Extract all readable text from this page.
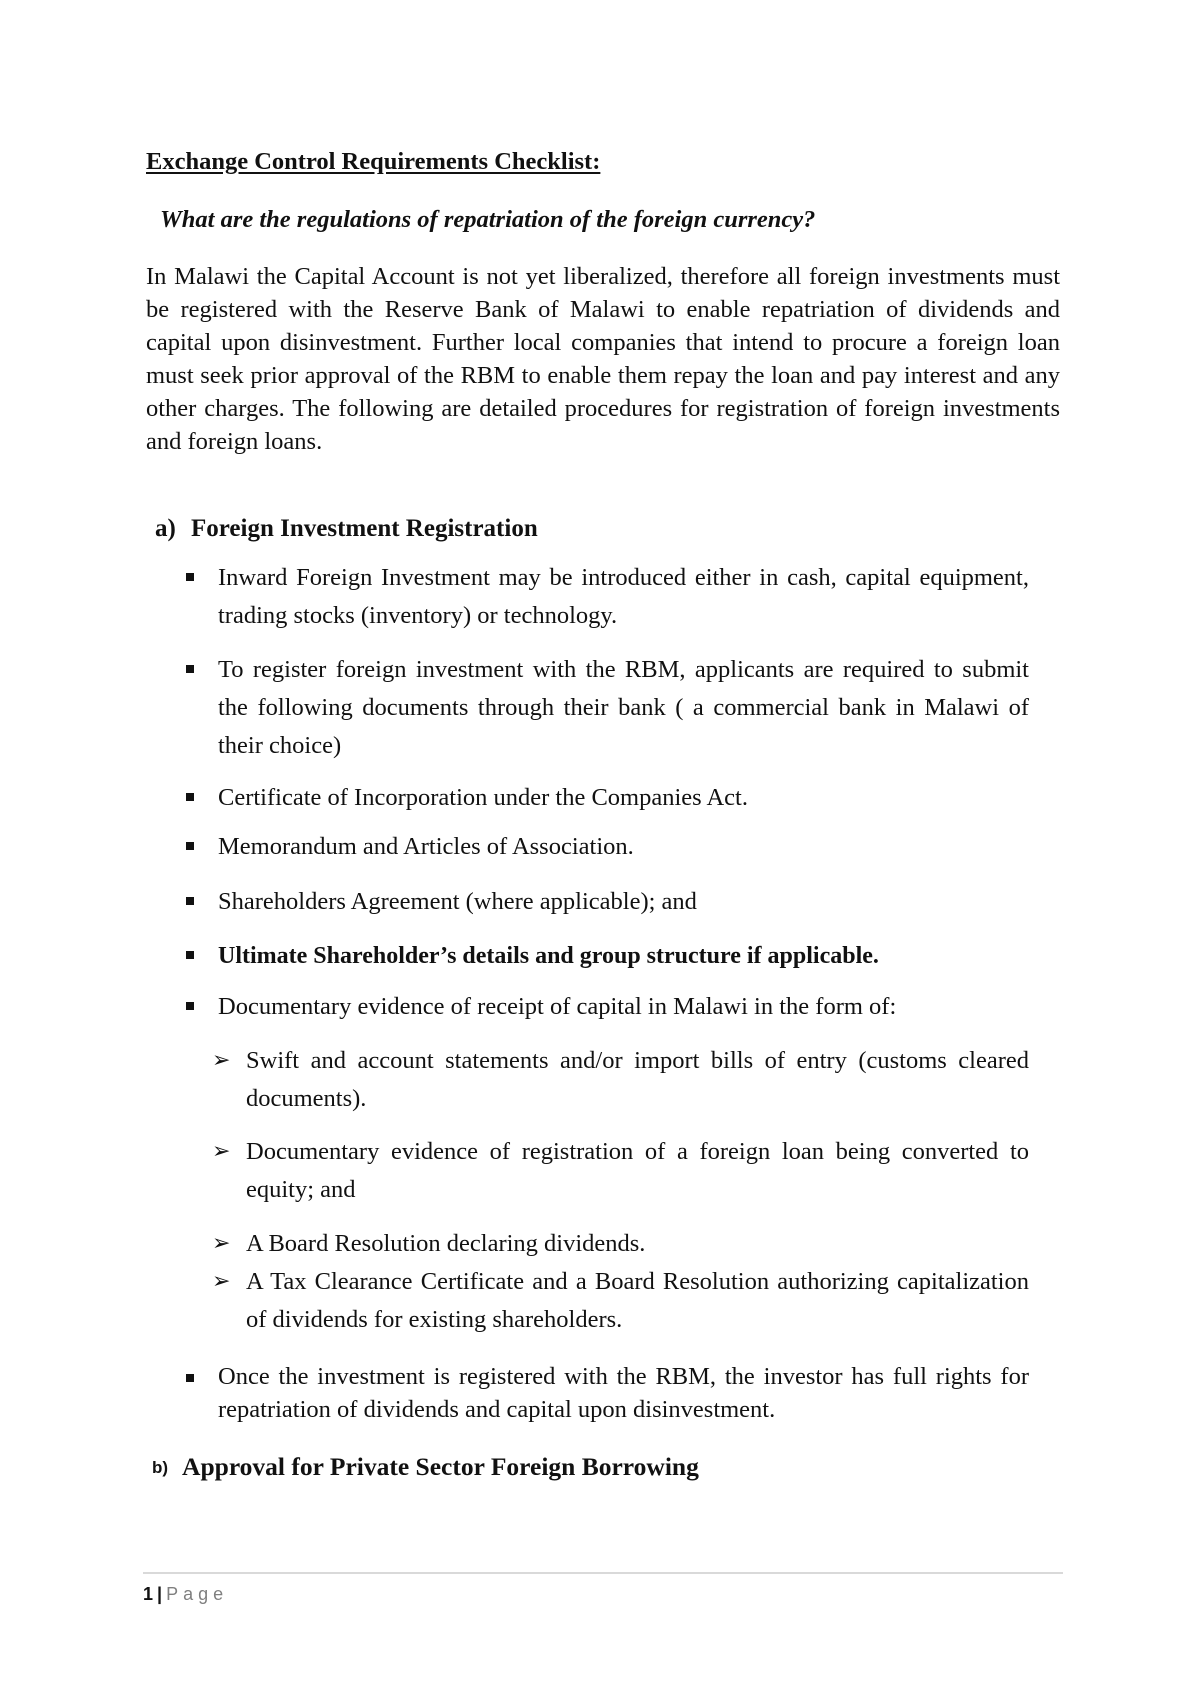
Exchange Control Requirements Checklist:
What are the regulations of repatriation of the foreign currency?
In Malawi the Capital Account is not yet liberalized, therefore all foreign investments must be registered with the Reserve Bank of Malawi to enable repatriation of dividends and capital upon disinvestment. Further local companies that intend to procure a foreign loan must seek prior approval of the RBM to enable them repay the loan and pay interest and any other charges. The following are detailed procedures for registration of foreign investments and foreign loans.
a) Foreign Investment Registration
Inward Foreign Investment may be introduced either in cash, capital equipment, trading stocks (inventory) or technology.
To register foreign investment with the RBM, applicants are required to submit the following documents through their bank ( a commercial bank in Malawi of their choice)
Certificate of Incorporation under the Companies Act.
Memorandum and Articles of Association.
Shareholders Agreement (where applicable); and
Ultimate Shareholder’s details and group structure if applicable.
Documentary evidence of receipt of capital in Malawi in the form of:
➢ Swift and account statements and/or import bills of entry (customs cleared documents).
➢ Documentary evidence of registration of a foreign loan being converted to equity; and
➢ A Board Resolution declaring dividends.
➢ A Tax Clearance Certificate and a Board Resolution authorizing capitalization of dividends for existing shareholders.
Once the investment is registered with the RBM, the investor has full rights for repatriation of dividends and capital upon disinvestment.
b) Approval for Private Sector Foreign Borrowing
1 | Page
